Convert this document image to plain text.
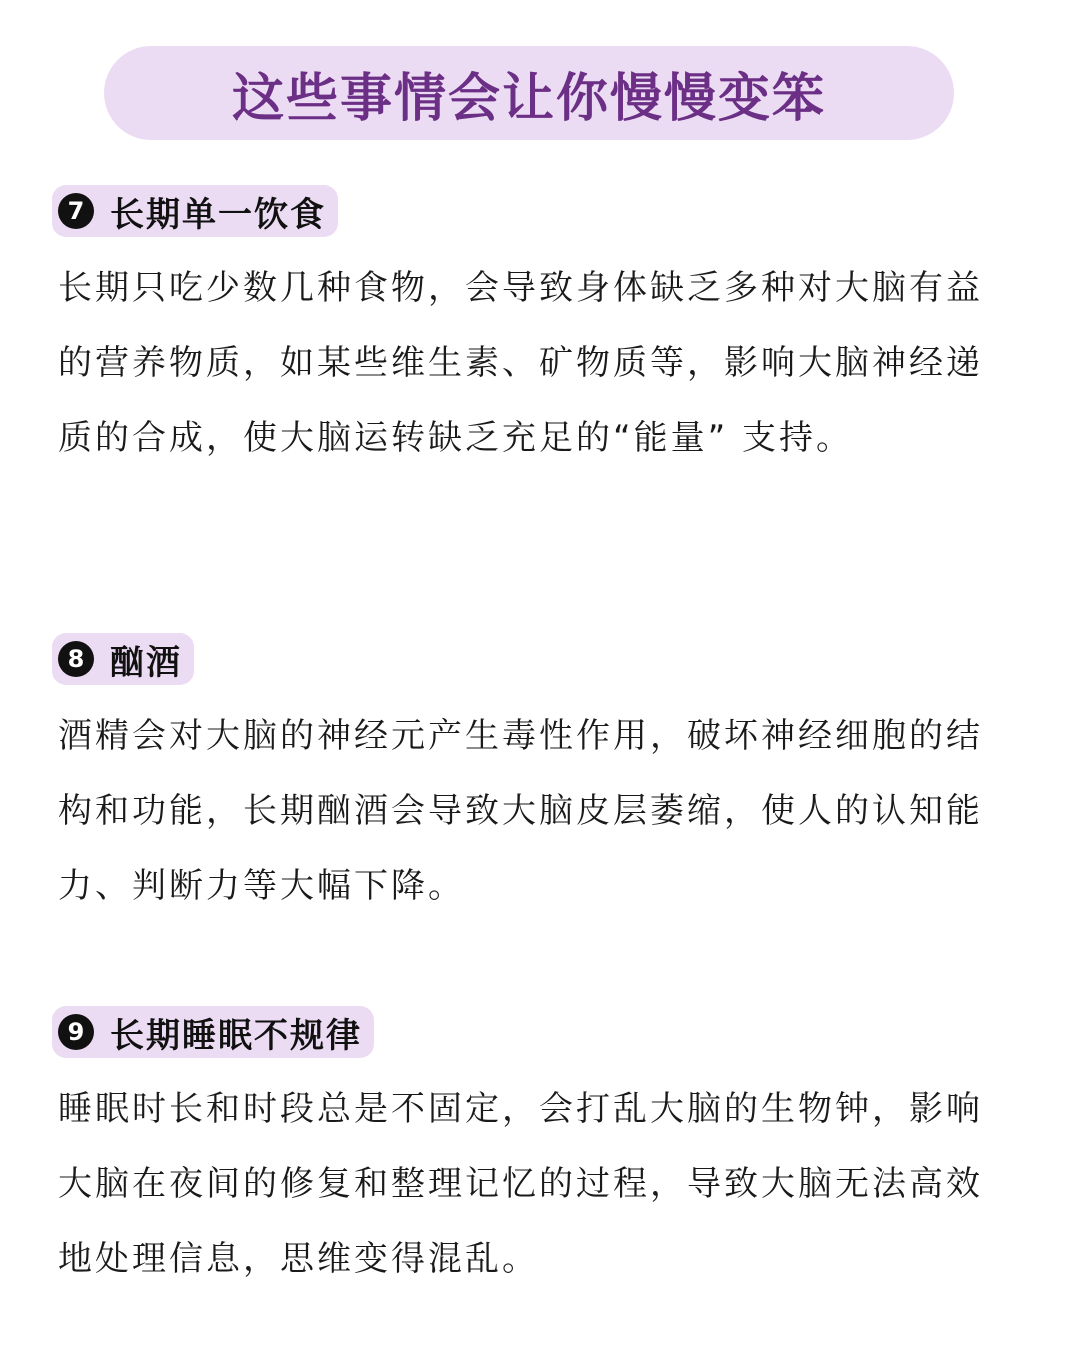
这些事情会让你慢慢变笨
7 长期单一饮食
长期只吃少数几种食物，会导致身体缺乏多种对大脑有益的营养物质，如某些维生素、矿物质等，影响大脑神经递质的合成，使大脑运转缺乏充足的“能量” 支持。
8 酗酒
酒精会对大脑的神经元产生毒性作用，破坏神经细胞的结构和功能，长期酗酒会导致大脑皮层萎缩，使人的认知能力、判断力等大幅下降。
9 长期睡眠不规律
睡眠时长和时段总是不固定，会打乱大脑的生物钟，影响大脑在夜间的修复和整理记忆的过程，导致大脑无法高效地处理信息，思维变得混乱。
